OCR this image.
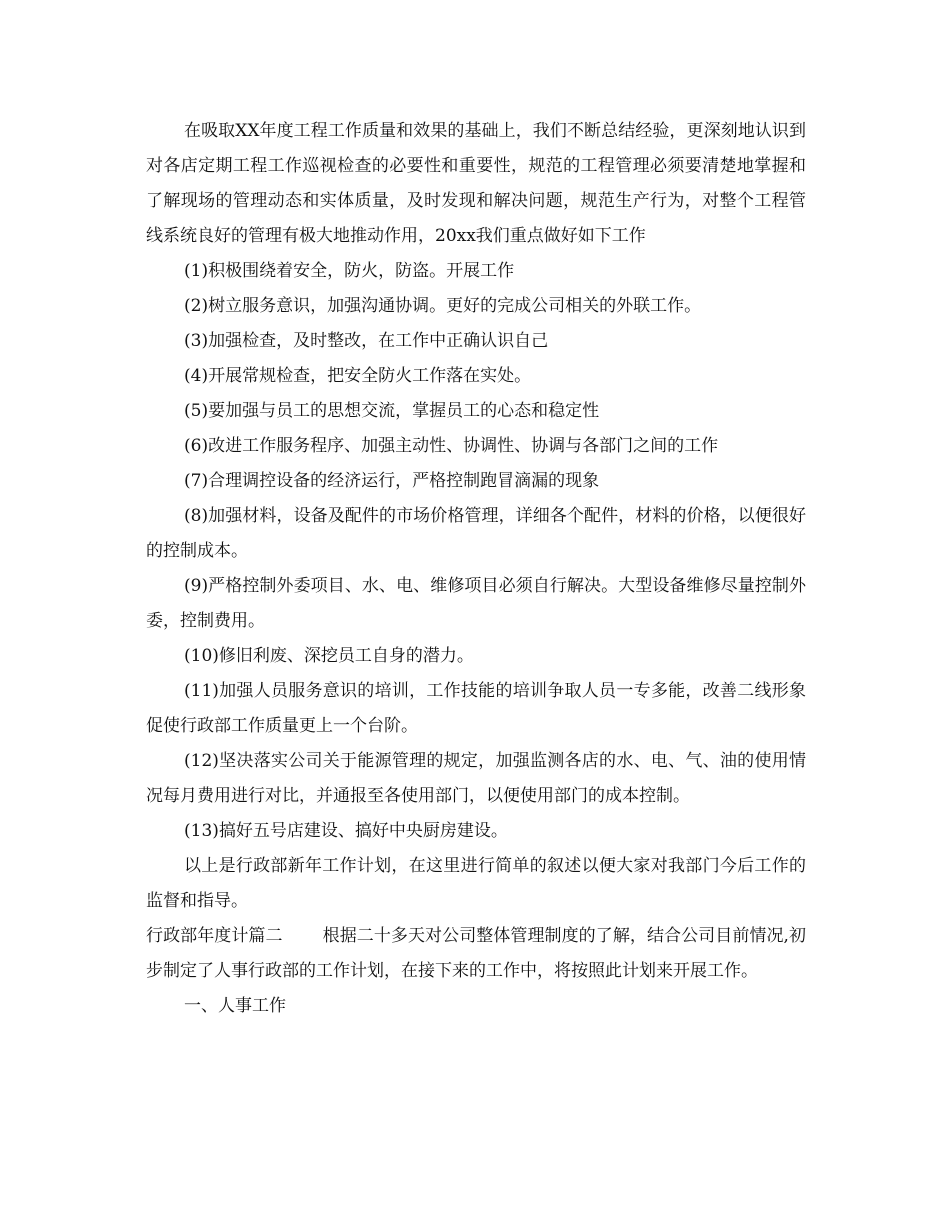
在吸取XX年度工程工作质量和效果的基础上，我们不断总结经验，更深刻地认识到对各店定期工程工作巡视检查的必要性和重要性，规范的工程管理必须要清楚地掌握和了解现场的管理动态和实体质量，及时发现和解决问题，规范生产行为，对整个工程管线系统良好的管理有极大地推动作用，20xx我们重点做好如下工作

(1)积极围绕着安全，防火，防盗。开展工作

(2)树立服务意识，加强沟通协调。更好的完成公司相关的外联工作。

(3)加强检查，及时整改，在工作中正确认识自己

(4)开展常规检查，把安全防火工作落在实处。

(5)要加强与员工的思想交流，掌握员工的心态和稳定性

(6)改进工作服务程序、加强主动性、协调性、协调与各部门之间的工作

(7)合理调控设备的经济运行，严格控制跑冒滴漏的现象

(8)加强材料，设备及配件的市场价格管理，详细各个配件，材料的价格，以便很好的控制成本。

(9)严格控制外委项目、水、电、维修项目必须自行解决。大型设备维修尽量控制外委，控制费用。

(10)修旧利废、深挖员工自身的潜力。

(11)加强人员服务意识的培训，工作技能的培训争取人员一专多能，改善二线形象促使行政部工作质量更上一个台阶。

(12)坚决落实公司关于能源管理的规定，加强监测各店的水、电、气、油的使用情况每月费用进行对比，并通报至各使用部门，以便使用部门的成本控制。

(13)搞好五号店建设、搞好中央厨房建设。

以上是行政部新年工作计划，在这里进行简单的叙述以便大家对我部门今后工作的监督和指导。

行政部年度计篇二 根据二十多天对公司整体管理制度的了解，结合公司目前情况,初步制定了人事行政部的工作计划，在接下来的工作中，将按照此计划来开展工作。

一、人事工作
